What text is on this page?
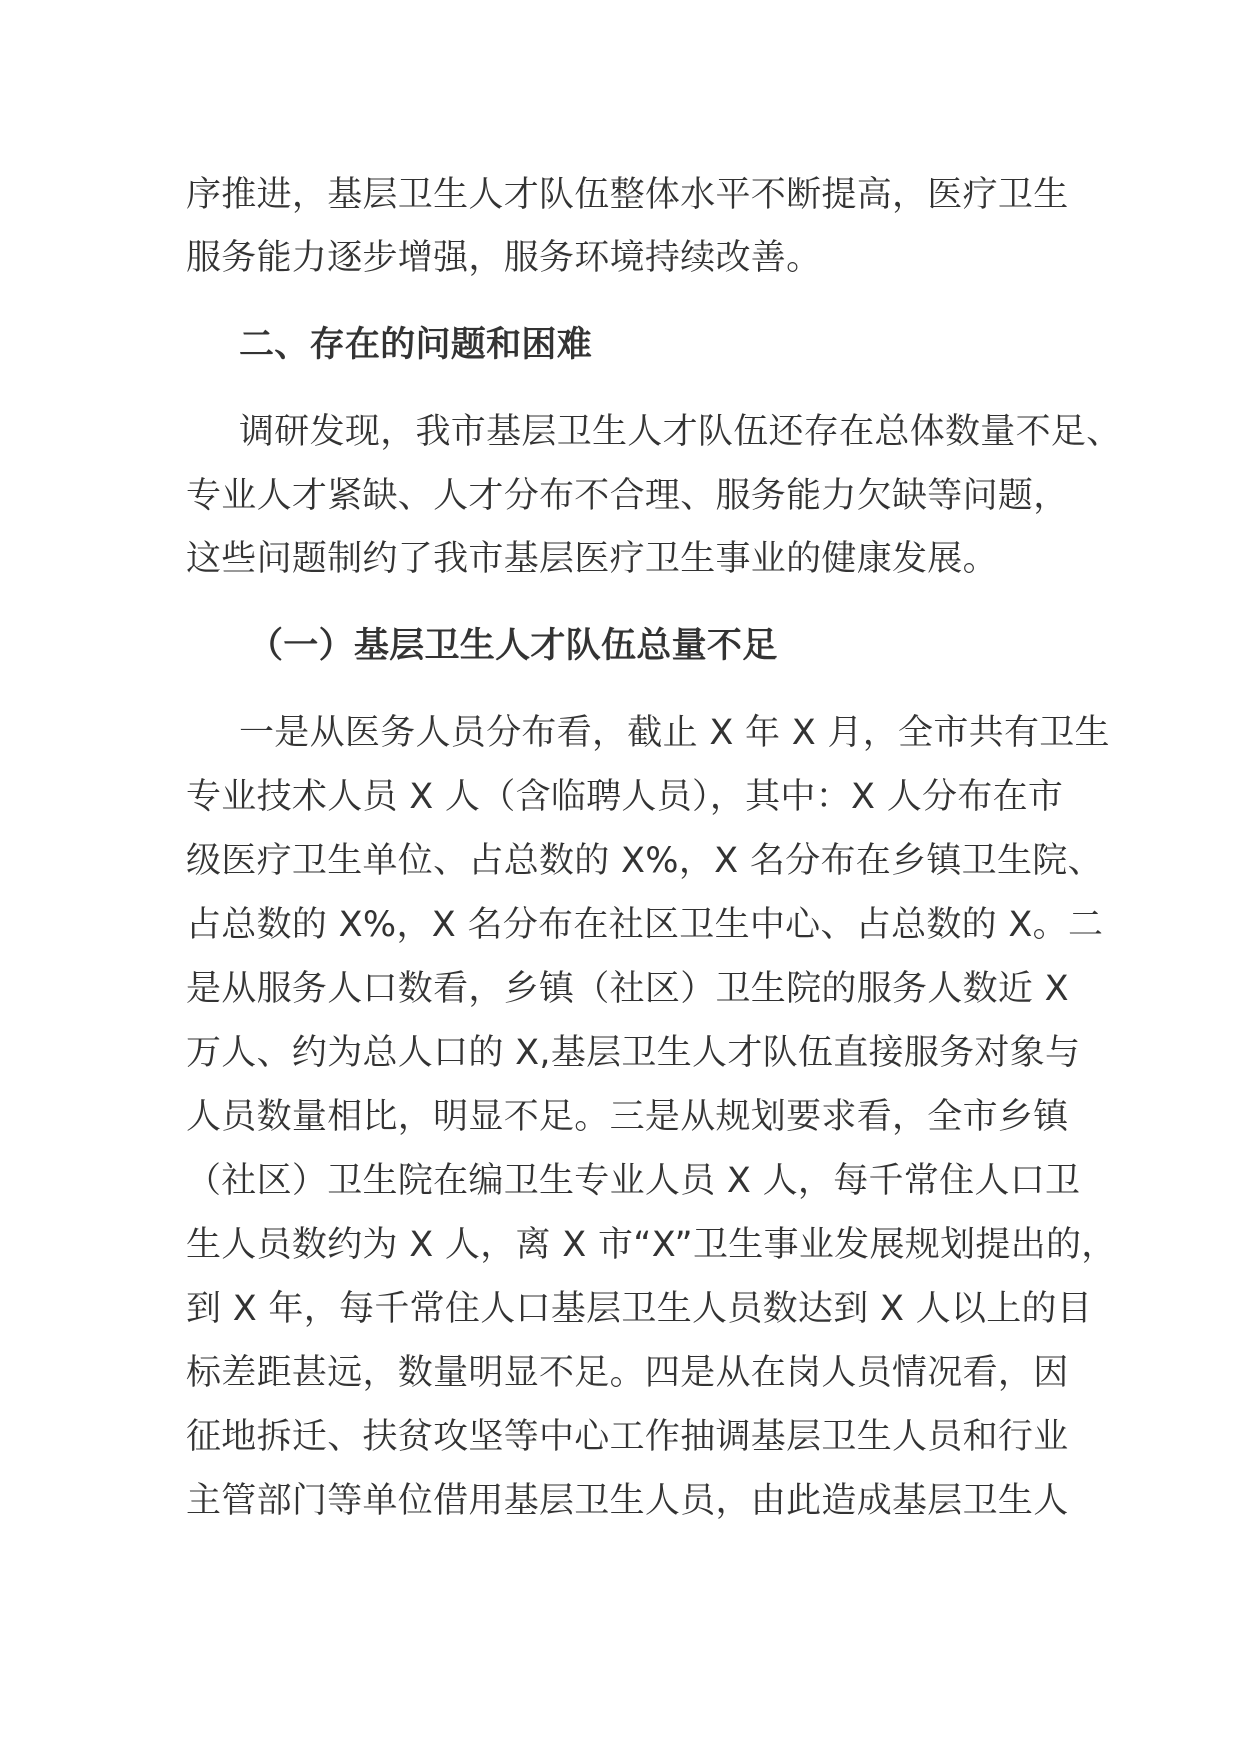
序推进，基层卫生人才队伍整体水平不断提高，医疗卫生
服务能力逐步增强，服务环境持续改善。
二、存在的问题和困难
调研发现，我市基层卫生人才队伍还存在总体数量不足、
专业人才紧缺、人才分布不合理、服务能力欠缺等问题，
这些问题制约了我市基层医疗卫生事业的健康发展。
（一）基层卫生人才队伍总量不足
一是从医务人员分布看，截止 X 年 X 月，全市共有卫生
专业技术人员 X 人（含临聘人员），其中：X 人分布在市
级医疗卫生单位、占总数的 X%，X 名分布在乡镇卫生院、
占总数的 X%，X 名分布在社区卫生中心、占总数的 X。二
是从服务人口数看，乡镇（社区）卫生院的服务人数近 X
万人、约为总人口的 X,基层卫生人才队伍直接服务对象与
人员数量相比，明显不足。三是从规划要求看，全市乡镇
（社区）卫生院在编卫生专业人员 X 人，每千常住人口卫
生人员数约为 X 人，离 X 市“X”卫生事业发展规划提出的，
到 X 年，每千常住人口基层卫生人员数达到 X 人以上的目
标差距甚远，数量明显不足。四是从在岗人员情况看，因
征地拆迁、扶贫攻坚等中心工作抽调基层卫生人员和行业
主管部门等单位借用基层卫生人员，由此造成基层卫生人
